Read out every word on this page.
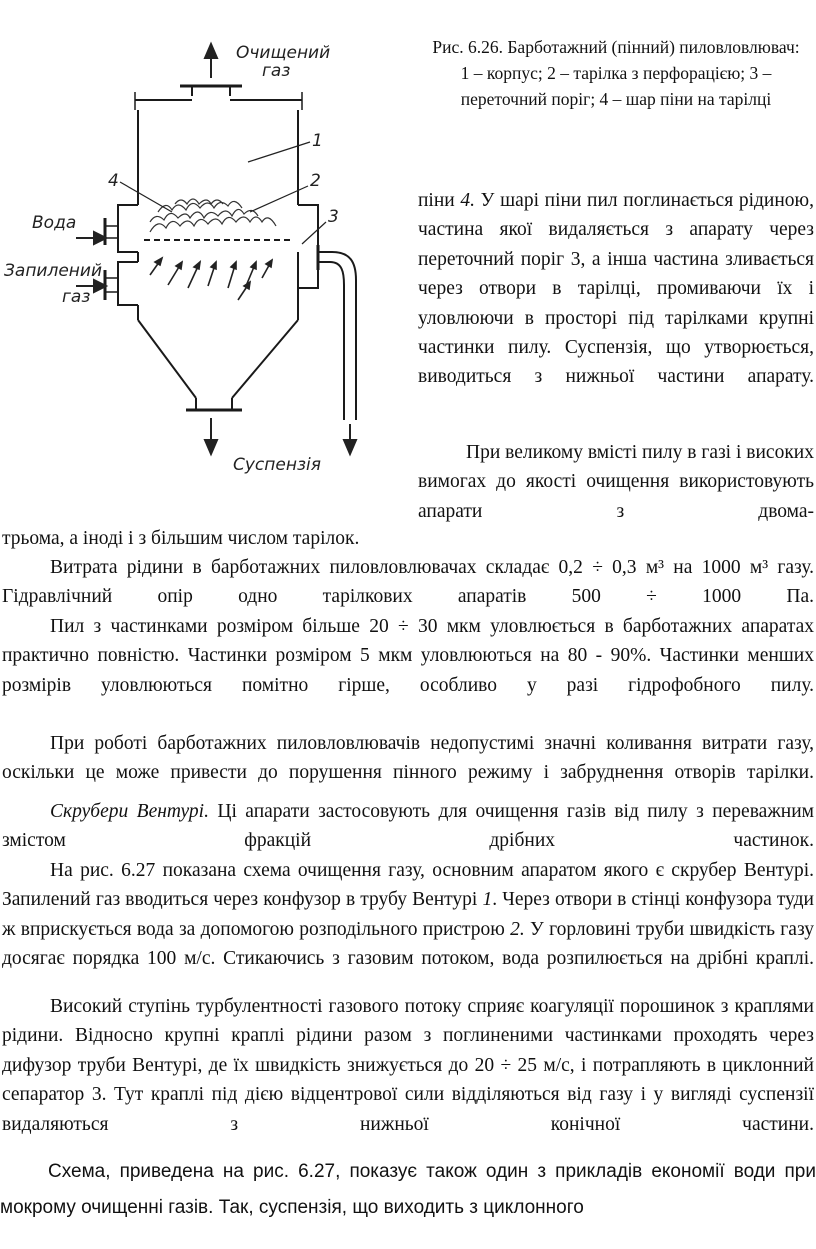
Очищений
газ
Вода
Запилений
газ
Суспензія
1
2
3
4
Рис. 6.26. Барботажний (пінний) пиловловлювач:
1 – корпус; 2 – тарілка з перфорацією; 3 – переточний поріг; 4 – шар піни на тарілці

піни 4. У шарі піни пил поглинається рідиною, частина якої видаляється з апарату через переточний поріг 3, а інша частина зливається через отвори в тарілці, промиваючи їх і уловлюючи в просторі під тарілками крупні частинки пилу. Суспензія, що утворюється, виводиться з нижньої частини апарату.

При великому вмісті пилу в газі і високих вимогах до якості очищення використовують апарати з двома-

трьома, а іноді і з більшим числом тарілок.

Витрата рідини в барботажних пиловловлювачах складає 0,2 ÷ 0,3 м³ на 1000 м³ газу. Гідравлічний опір одно тарілкових апаратів 500 ÷ 1000 Па.

Пил з частинками розміром більше 20 ÷ 30 мкм уловлюється в барботажних апаратах практично повністю. Частинки розміром 5 мкм уловлюються на 80 - 90%. Частинки менших розмірів уловлюються помітно гірше, особливо у разі гідрофобного пилу.

При роботі барботажних пиловловлювачів недопустимі значні коливання витрати газу, оскільки це може привести до порушення пінного режиму і забруднення отворів тарілки.

Скрубери Вентурі. Ці апарати застосовують для очищення газів від пилу з переважним змістом фракцій дрібних частинок.

На рис. 6.27 показана схема очищення газу, основним апаратом якого є скрубер Вентурі. Запилений газ вводиться через конфузор в трубу Вентурі 1. Через отвори в стінці конфузора туди ж вприскується вода за допомогою розподільного пристрою 2. У горловині труби швидкість газу досягає порядка 100 м/с. Стикаючись з газовим потоком, вода розпилюється на дрібні краплі.

Високий ступінь турбулентності газового потоку сприяє коагуляції порошинок з краплями рідини. Відносно крупні краплі рідини разом з поглиненими частинками проходять через дифузор труби Вентурі, де їх швидкість знижується до 20 ÷ 25 м/с, і потрапляють в циклонний сепаратор 3. Тут краплі під дією відцентрової сили відділяються від газу і у вигляді суспензії видаляються з нижньої конічної частини.

Схема, приведена на рис. 6.27, показує також один з прикладів економії води при мокрому очищенні газів. Так, суспензія, що виходить з циклонного
